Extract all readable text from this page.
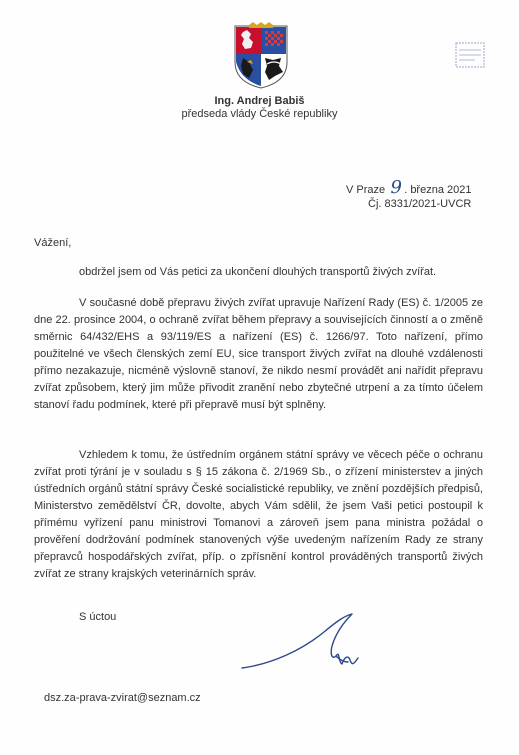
Ing. Andrej Babiš
předseda vlády České republiky
V Praze 9 . března 2021
Čj. 8331/2021-UVCR
Vážení,

obdržel jsem od Vás petici za ukončení dlouhých transportů živých zvířat.

V současné době přepravu živých zvířat upravuje Nařízení Rady (ES) č. 1/2005 ze dne 22. prosince 2004, o ochraně zvířat během přepravy a souvisejících činností a o změně směrnic 64/432/EHS a 93/119/ES a nařízení (ES) č. 1266/97. Toto nařízení, přímo použitelné ve všech členských zemí EU, sice transport živých zvířat na dlouhé vzdálenosti přímo nezakazuje, nicméně výslovně stanoví, že nikdo nesmí provádět ani nařídit přepravu zvířat způsobem, který jim může přivodit zranění nebo zbytečné utrpení a za tímto účelem stanoví řadu podmínek, které při přepravě musí být splněny.

Vzhledem k tomu, že ústředním orgánem státní správy ve věcech péče o ochranu zvířat proti týrání je v souladu s § 15 zákona č. 2/1969 Sb., o zřízení ministerstev a jiných ústředních orgánů státní správy České socialistické republiky, ve znění pozdějších předpisů, Ministerstvo zemědělství ČR, dovolte, abych Vám sdělil, že jsem Vaši petici postoupil k přímému vyřízení panu ministrovi Tomanovi a zároveň jsem pana ministra požádal o prověření dodržování podmínek stanovených výše uvedeným nařízením Rady ze strany přepravců hospodářských zvířat, příp. o zpřísnění kontrol prováděných transportů živých zvířat ze strany krajských veterinárních správ.

S úctou
dsz.za-prava-zvirat@seznam.cz
